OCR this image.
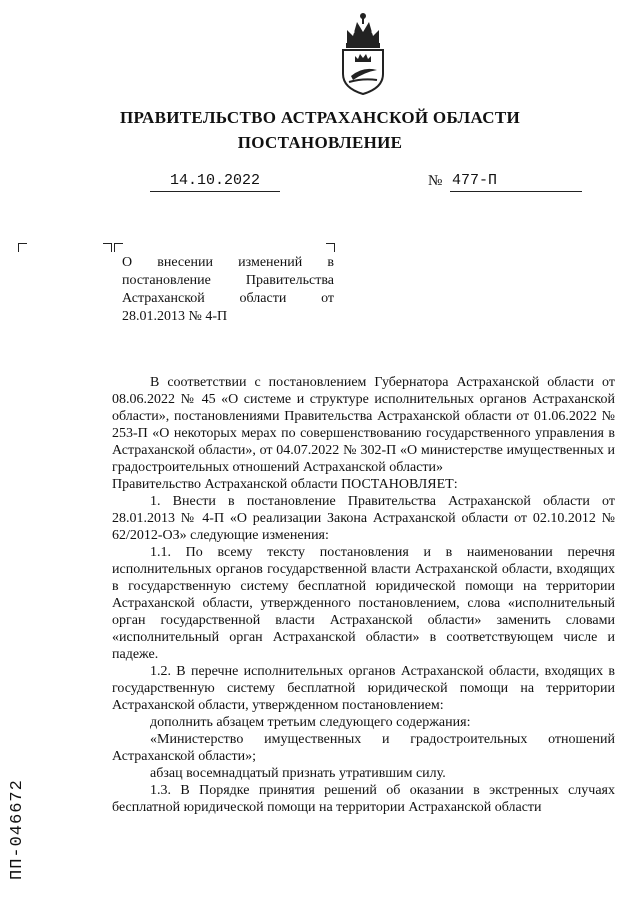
ПРАВИТЕЛЬСТВО АСТРАХАНСКОЙ ОБЛАСТИ
ПОСТАНОВЛЕНИЕ
14.10.2022	№ 477-П
О внесении изменений в постановление Правительства Астраханской области от 28.01.2013 № 4-П

В соответствии с постановлением Губернатора Астраханской области от 08.06.2022 № 45 «О системе и структуре исполнительных органов Астраханской области», постановлениями Правительства Астраханской области от 01.06.2022 № 253-П «О некоторых мерах по совершенствованию государственного управления в Астраханской области», от 04.07.2022 № 302-П «О министерстве имущественных и градостроительных отношений Астраханской области»

Правительство Астраханской области ПОСТАНОВЛЯЕТ:

1. Внести в постановление Правительства Астраханской области от 28.01.2013 № 4-П «О реализации Закона Астраханской области от 02.10.2012 № 62/2012-ОЗ» следующие изменения:

1.1. По всему тексту постановления и в наименовании перечня исполнительных органов государственной власти Астраханской области, входящих в государственную систему бесплатной юридической помощи на территории Астраханской области, утвержденного постановлением, слова «исполнительный орган государственной власти Астраханской области» заменить словами «исполнительный орган Астраханской области» в соответствующем числе и падеже.

1.2. В перечне исполнительных органов Астраханской области, входящих в государственную систему бесплатной юридической помощи на территории Астраханской области, утвержденном постановлением:

дополнить абзацем третьим следующего содержания:

«Министерство имущественных и градостроительных отношений Астраханской области»;

абзац восемнадцатый признать утратившим силу.

1.3. В Порядке принятия решений об оказании в экстренных случаях бесплатной юридической помощи на территории Астраханской области

ПП-046672
